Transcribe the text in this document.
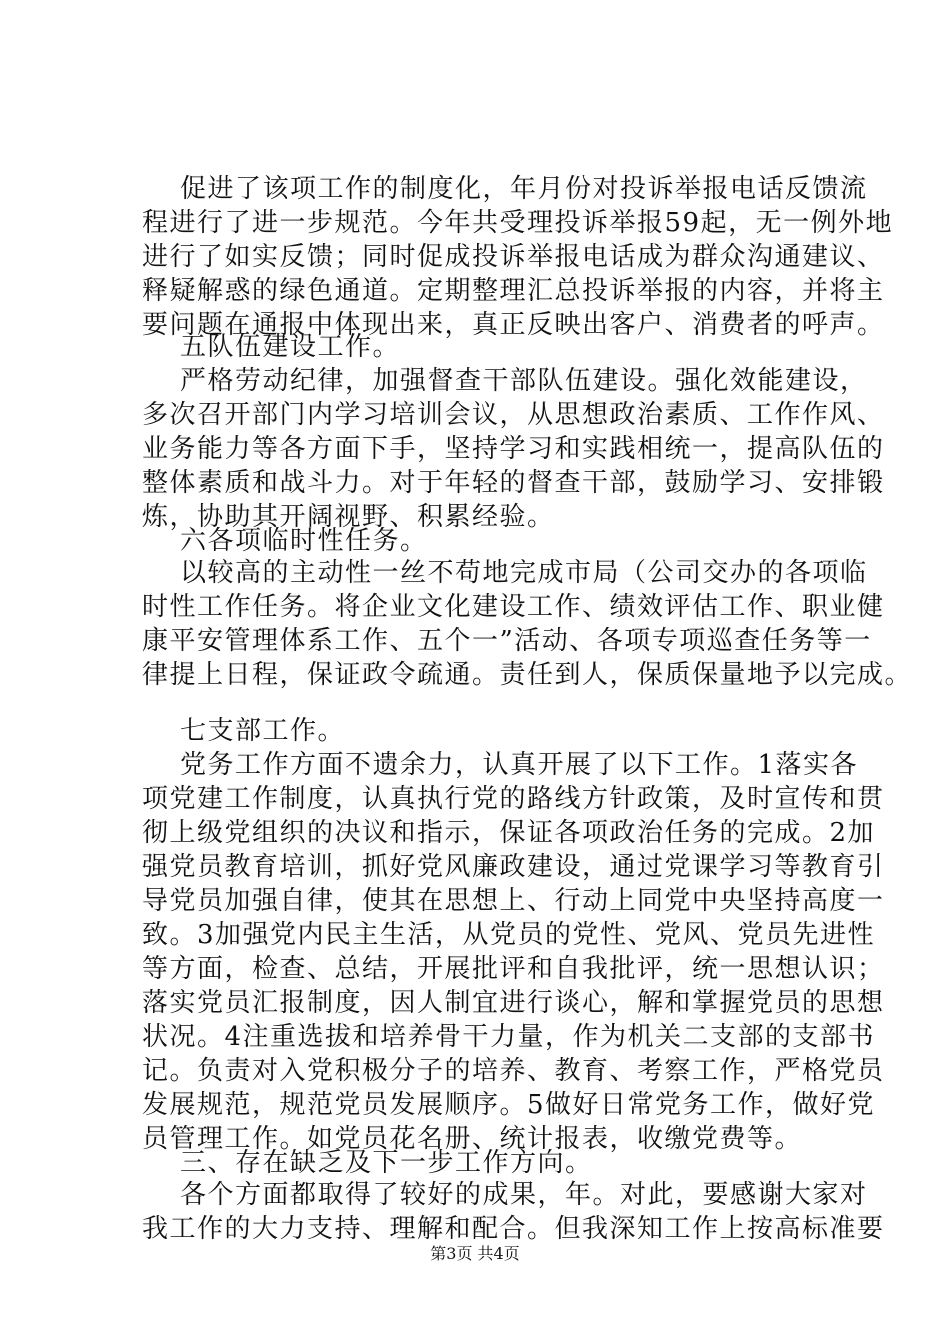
促进了该项工作的制度化，年月份对投诉举报电话反馈流
程进行了进一步规范。今年共受理投诉举报59起，无一例外地
进行了如实反馈；同时促成投诉举报电话成为群众沟通建议、
释疑解惑的绿色通道。定期整理汇总投诉举报的内容，并将主
要问题在通报中体现出来，真正反映出客户、消费者的呼声。
五队伍建设工作。
严格劳动纪律，加强督查干部队伍建设。强化效能建设，
多次召开部门内学习培训会议，从思想政治素质、工作作风、
业务能力等各方面下手，坚持学习和实践相统一，提高队伍的
整体素质和战斗力。对于年轻的督查干部，鼓励学习、安排锻
炼，协助其开阔视野、积累经验。
六各项临时性任务。
以较高的主动性一丝不苟地完成市局（公司交办的各项临
时性工作任务。将企业文化建设工作、绩效评估工作、职业健
康平安管理体系工作、五个一”活动、各项专项巡查任务等一
律提上日程，保证政令疏通。责任到人，保质保量地予以完成。
七支部工作。
党务工作方面不遗余力，认真开展了以下工作。1落实各
项党建工作制度，认真执行党的路线方针政策，及时宣传和贯
彻上级党组织的决议和指示，保证各项政治任务的完成。2加
强党员教育培训，抓好党风廉政建设，通过党课学习等教育引
导党员加强自律，使其在思想上、行动上同党中央坚持高度一
致。3加强党内民主生活，从党员的党性、党风、党员先进性
等方面，检查、总结，开展批评和自我批评，统一思想认识；
落实党员汇报制度，因人制宜进行谈心，解和掌握党员的思想
状况。4注重选拔和培养骨干力量，作为机关二支部的支部书
记。负责对入党积极分子的培养、教育、考察工作，严格党员
发展规范，规范党员发展顺序。5做好日常党务工作，做好党
员管理工作。如党员花名册、统计报表，收缴党费等。
三、存在缺乏及下一步工作方向。
各个方面都取得了较好的成果，年。对此，要感谢大家对
我工作的大力支持、理解和配合。但我深知工作上按高标准要
第3页 共4页
